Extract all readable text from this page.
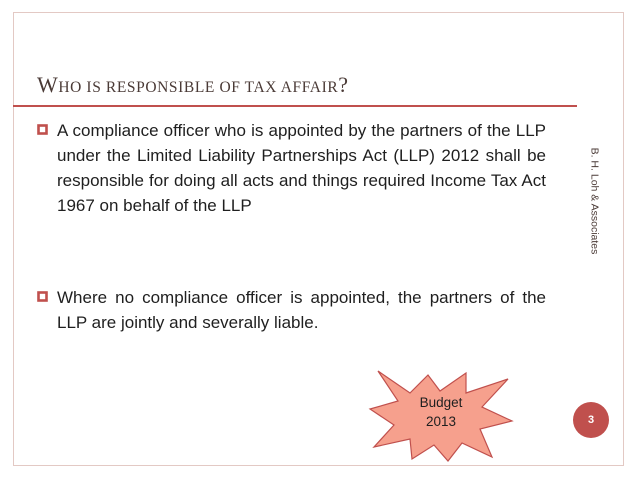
WHO IS RESPONSIBLE OF TAX AFFAIR?
B. H. Loh & Associates
A compliance officer who is appointed by the partners of the LLP under the Limited Liability Partnerships Act (LLP) 2012 shall be responsible for doing all acts and things required Income Tax Act 1967 on behalf of the LLP
Where no compliance officer is appointed, the partners of the LLP are jointly and severally liable.
Budget
2013	3
